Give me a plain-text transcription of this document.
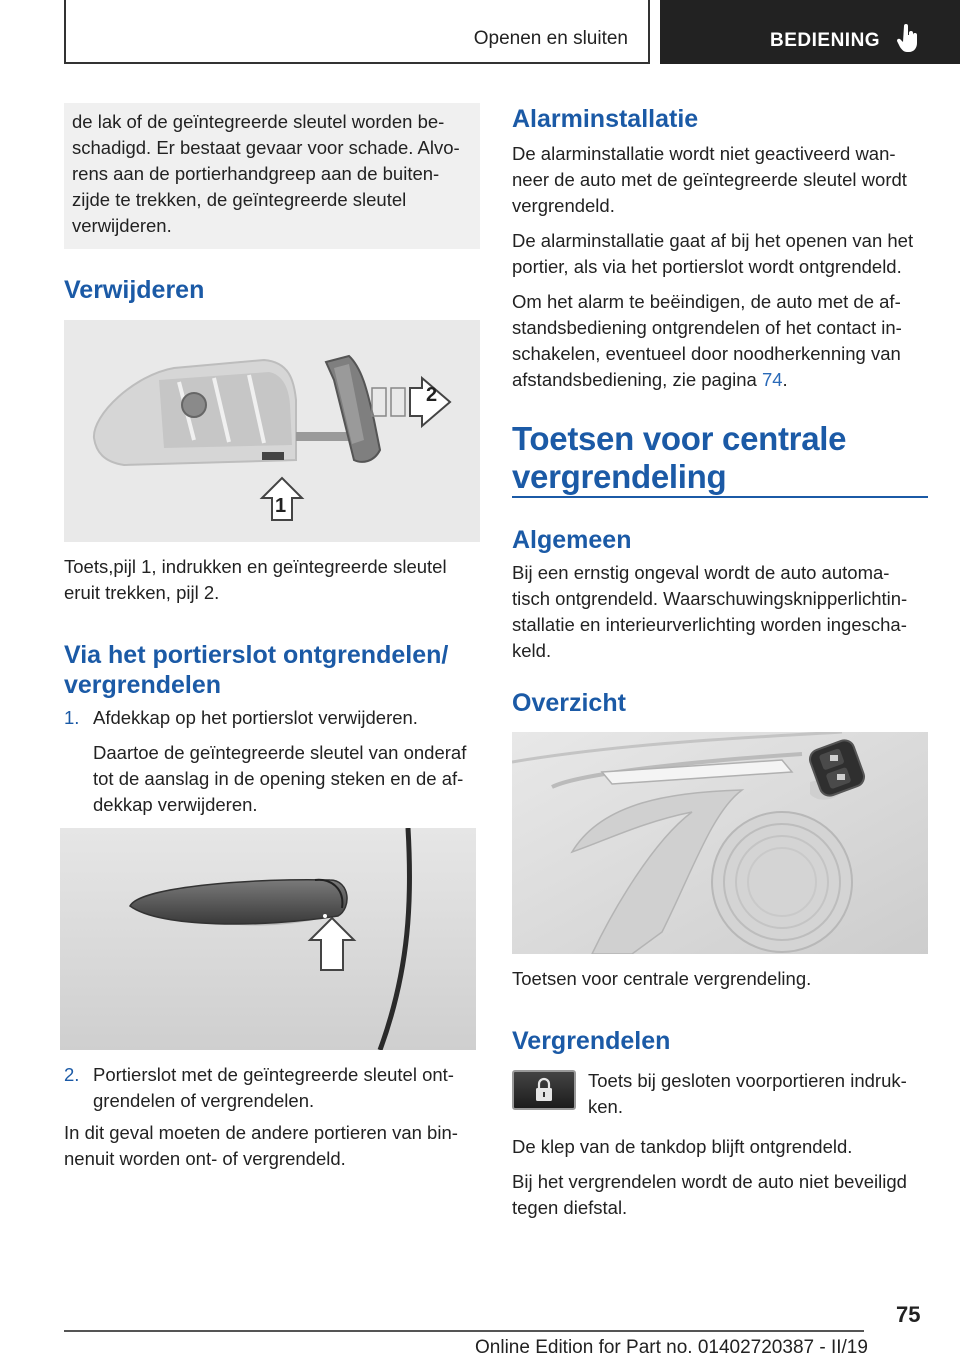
Openen en sluiten	BEDIENING
de lak of de geïntegreerde sleutel worden be-
schadigd. Er bestaat gevaar voor schade. Alvo-
rens aan de portierhandgreep aan de buiten-
zijde te trekken, de geïntegreerde sleutel
verwijderen.
Verwijderen
2
1

Toets,pijl 1, indrukken en geïntegreerde sleutel
eruit trekken, pijl 2.

Via het portierslot ontgrendelen/
vergrendelen
1. Afdekkap op het portierslot verwijderen.
Daartoe de geïntegreerde sleutel van onderaf
tot de aanslag in de opening steken en de af-
dekkap verwijderen.
2. Portierslot met de geïntegreerde sleutel ont-
grendelen of vergrendelen.

In dit geval moeten de andere portieren van bin-
nenuit worden ont- of vergrendeld.

Alarminstallatie

De alarminstallatie wordt niet geactiveerd wan-
neer de auto met de geïntegreerde sleutel wordt
vergrendeld.

De alarminstallatie gaat af bij het openen van het
portier, als via het portierslot wordt ontgrendeld.

Om het alarm te beëindigen, de auto met de af-
standsbediening ontgrendelen of het contact in-
schakelen, eventueel door noodherkenning van
afstandsbediening, zie pagina 74.

Toetsen voor centrale
vergrendeling
Algemeen

Bij een ernstig ongeval wordt de auto automa-
tisch ontgrendeld. Waarschuwingsknipperlichtin-
stallatie en interieurverlichting worden ingescha-
keld.

Overzicht

Toetsen voor centrale vergrendeling.

Vergrendelen

Toets bij gesloten voorportieren indruk-
ken.

De klep van de tankdop blijft ontgrendeld.

Bij het vergrendelen wordt de auto niet beveiligd
tegen diefstal.

75
Online Edition for Part no. 01402720387 - II/19
